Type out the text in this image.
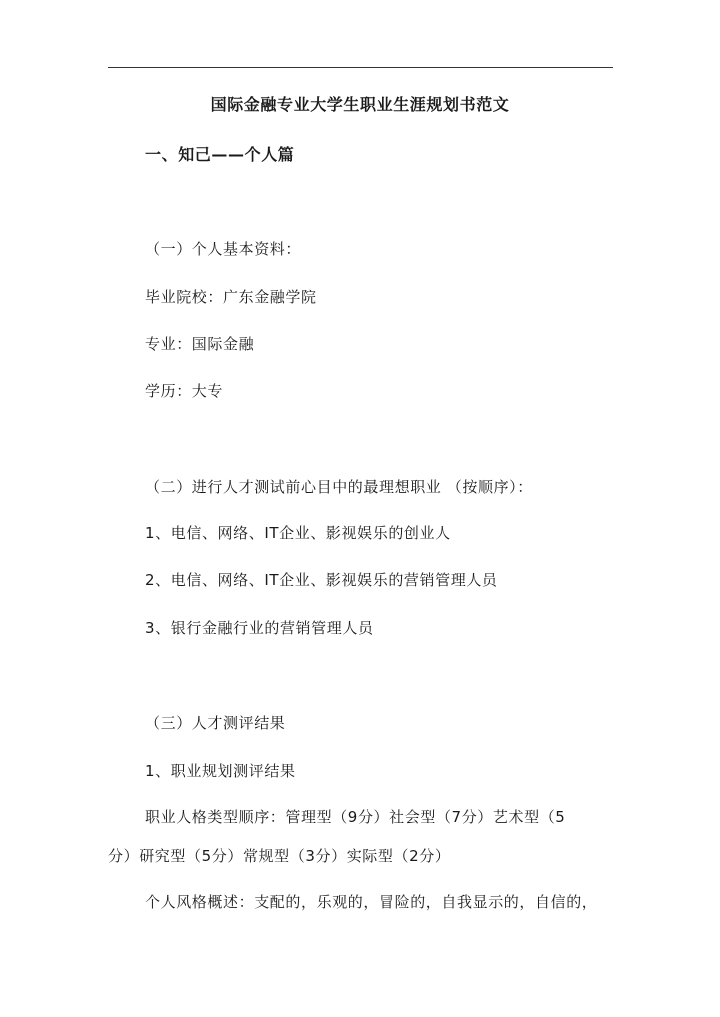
国际金融专业大学生职业生涯规划书范文
一、知己——个人篇
（一）个人基本资料：
毕业院校：广东金融学院
专业：国际金融
学历：大专
（二）进行人才测试前心目中的最理想职业 （按顺序）：
1、电信、网络、IT企业、影视娱乐的创业人
2、电信、网络、IT企业、影视娱乐的营销管理人员
3、银行金融行业的营销管理人员
（三）人才测评结果
1、职业规划测评结果
职业人格类型顺序：管理型（9分）社会型（7分）艺术型（5
分）研究型（5分）常规型（3分）实际型（2分）
个人风格概述：支配的，乐观的，冒险的，自我显示的，自信的，
